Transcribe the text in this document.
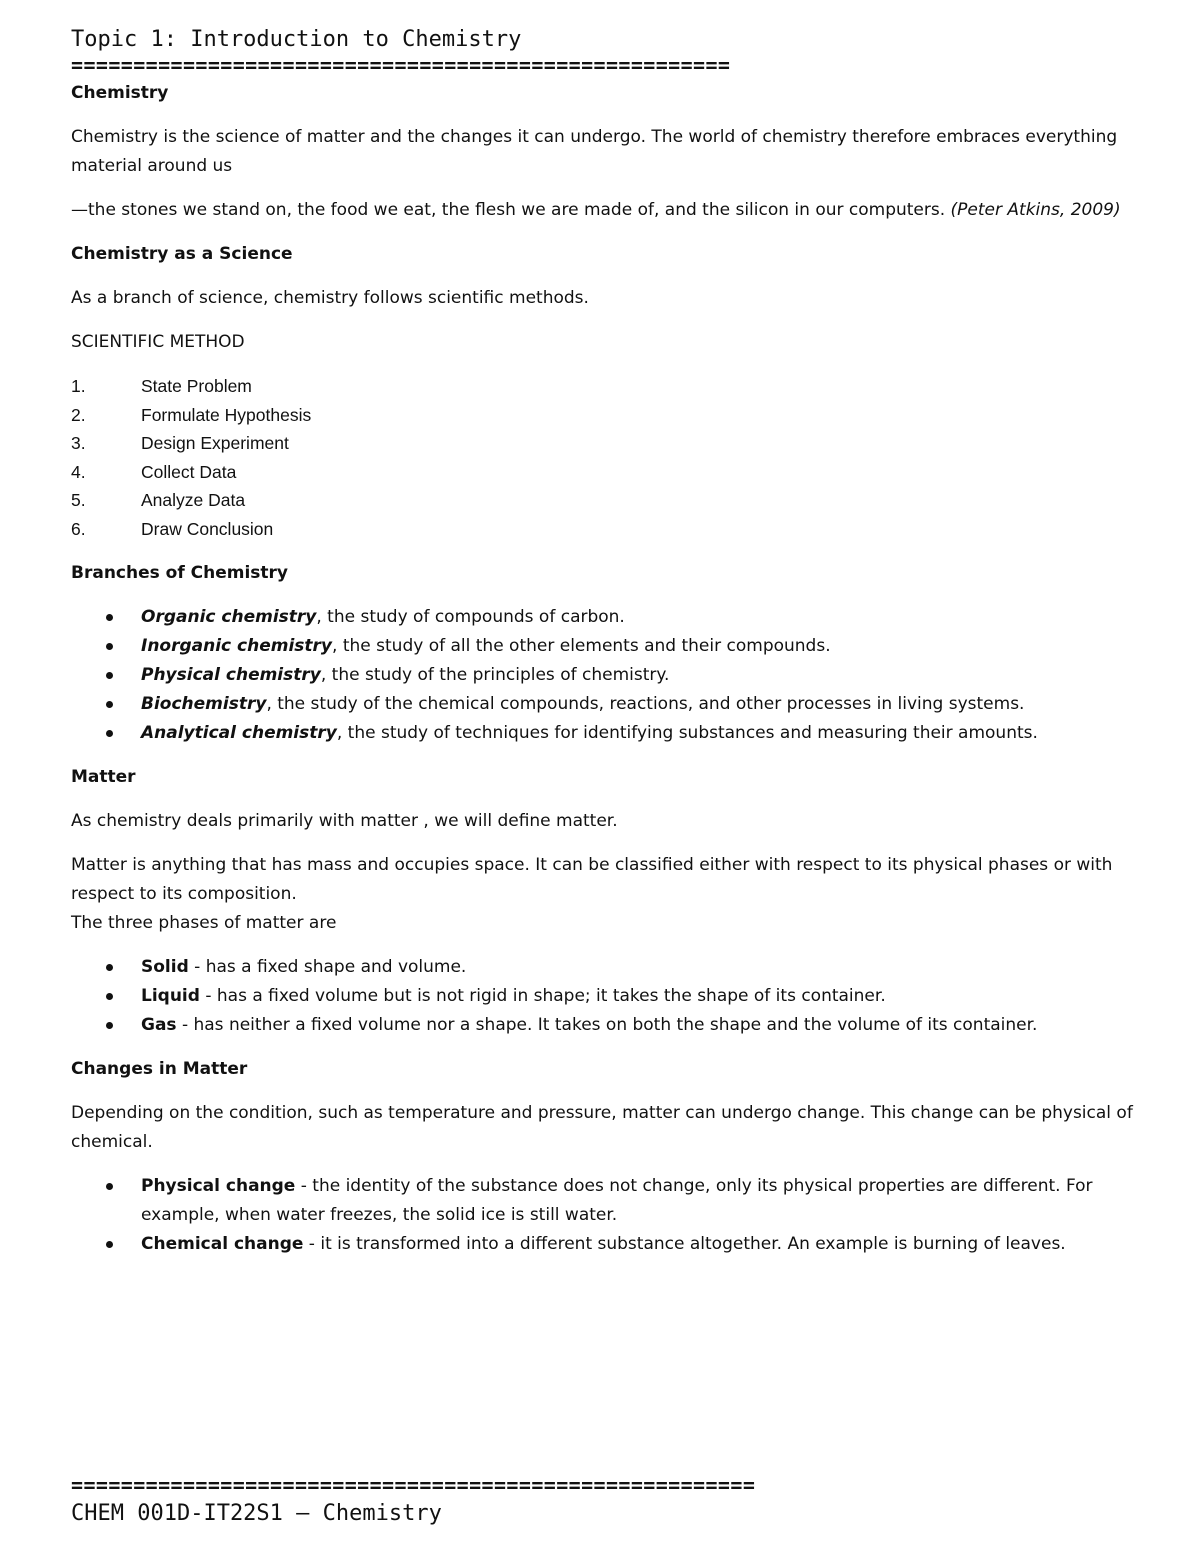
Topic 1: Introduction to Chemistry

=====================================================

Chemistry

Chemistry is the science of matter and the changes it can undergo. The world of chemistry therefore embraces everything material around us

—the stones we stand on, the food we eat, the flesh we are made of, and the silicon in our computers. (Peter Atkins, 2009)

Chemistry as a Science

As a branch of science, chemistry follows scientific methods.

SCIENTIFIC METHOD

1.	State Problem
2.	Formulate Hypothesis
3.	Design Experiment
4.	Collect Data
5.	Analyze Data
6.	Draw Conclusion

Branches of Chemistry

Organic chemistry, the study of compounds of carbon.
Inorganic chemistry, the study of all the other elements and their compounds.
Physical chemistry, the study of the principles of chemistry.
Biochemistry, the study of the chemical compounds, reactions, and other processes in living systems.
Analytical chemistry, the study of techniques for identifying substances and measuring their amounts.

Matter

As chemistry deals primarily with matter , we will define matter.

Matter is anything that has mass and occupies space. It can be classified either with respect to its physical phases or with respect to its composition.

The three phases of matter are

Solid - has a fixed shape and volume.
Liquid - has a fixed volume but is not rigid in shape; it takes the shape of its container.
Gas - has neither a fixed volume nor a shape. It takes on both the shape and the volume of its container.

Changes in Matter

Depending on the condition, such as temperature and pressure, matter can undergo change. This change can be physical of chemical.

Physical change - the identity of the substance does not change, only its physical properties are different. For example, when water freezes, the solid ice is still water.
Chemical change - it is transformed into a different substance altogether. An example is burning of leaves.

=======================================================

CHEM 001D-IT22S1 – Chemistry
